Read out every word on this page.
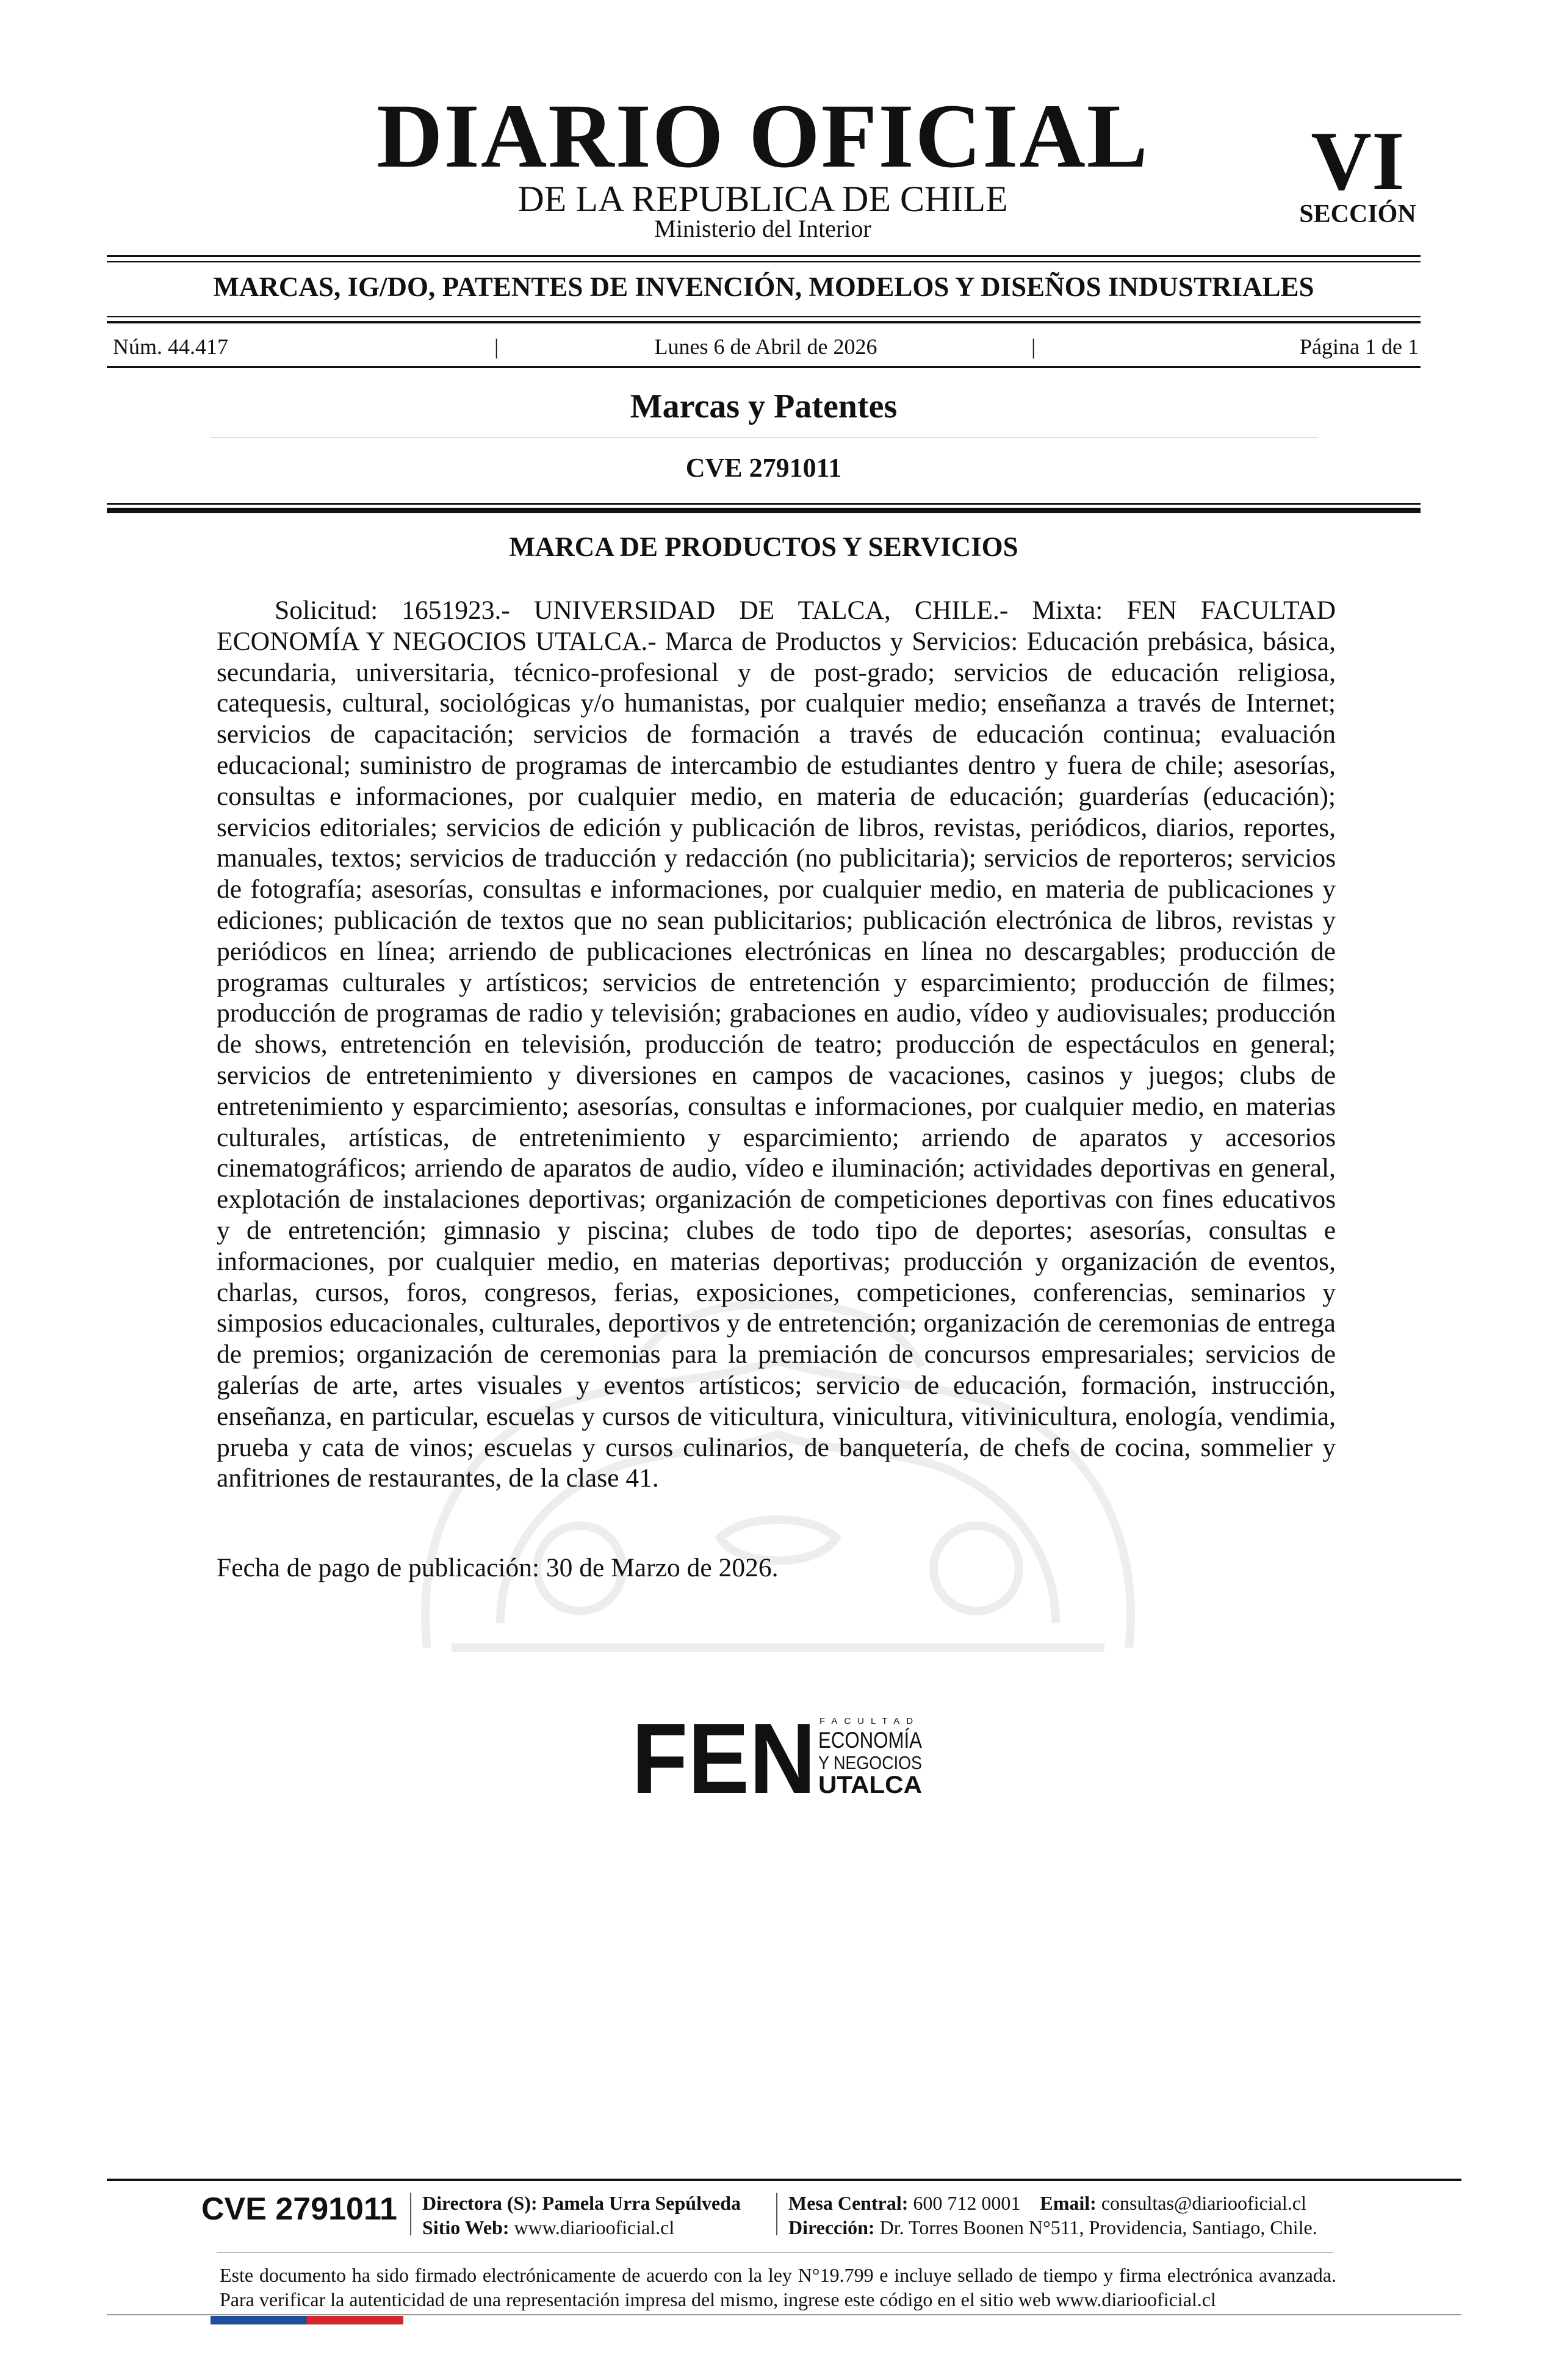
DIARIO OFICIAL
DE LA REPUBLICA DE CHILE
Ministerio del Interior
VI
SECCIÓN
MARCAS, IG/DO, PATENTES DE INVENCIÓN, MODELOS Y DISEÑOS INDUSTRIALES
Núm. 44.417	|	Lunes 6 de Abril de 2026	|	Página 1 de 1
Marcas y Patentes
CVE 2791011
MARCA DE PRODUCTOS Y SERVICIOS
Solicitud: 1651923.- UNIVERSIDAD DE TALCA, CHILE.- Mixta: FEN FACULTAD ECONOMÍA Y NEGOCIOS UTALCA.- Marca de Productos y Servicios: Educación prebásica, básica, secundaria, universitaria, técnico-profesional y de post-grado; servicios de educación religiosa, catequesis, cultural, sociológicas y/o humanistas, por cualquier medio; enseñanza a través de Internet; servicios de capacitación; servicios de formación a través de educación continua; evaluación educacional; suministro de programas de intercambio de estudiantes dentro y fuera de chile; asesorías, consultas e informaciones, por cualquier medio, en materia de educación; guarderías (educación); servicios editoriales; servicios de edición y publicación de libros, revistas, periódicos, diarios, reportes, manuales, textos; servicios de traducción y redacción (no publicitaria); servicios de reporteros; servicios de fotografía; asesorías, consultas e informaciones, por cualquier medio, en materia de publicaciones y ediciones; publicación de textos que no sean publicitarios; publicación electrónica de libros, revistas y periódicos en línea; arriendo de publicaciones electrónicas en línea no descargables; producción de programas culturales y artísticos; servicios de entretención y esparcimiento; producción de filmes; producción de programas de radio y televisión; grabaciones en audio, vídeo y audiovisuales; producción de shows, entretención en televisión, producción de teatro; producción de espectáculos en general; servicios de entretenimiento y diversiones en campos de vacaciones, casinos y juegos; clubs de entretenimiento y esparcimiento; asesorías, consultas e informaciones, por cualquier medio, en materias culturales, artísticas, de entretenimiento y esparcimiento; arriendo de aparatos y accesorios cinematográficos; arriendo de aparatos de audio, vídeo e iluminación; actividades deportivas en general, explotación de instalaciones deportivas; organización de competiciones deportivas con fines educativos y de entretención; gimnasio y piscina; clubes de todo tipo de deportes; asesorías, consultas e informaciones, por cualquier medio, en materias deportivas; producción y organización de eventos, charlas, cursos, foros, congresos, ferias, exposiciones, competiciones, conferencias, seminarios y simposios educacionales, culturales, deportivos y de entretención; organización de ceremonias de entrega de premios; organización de ceremonias para la premiación de concursos empresariales; servicios de galerías de arte, artes visuales y eventos artísticos; servicio de educación, formación, instrucción, enseñanza, en particular, escuelas y cursos de viticultura, vinicultura, vitivinicultura, enología, vendimia, prueba y cata de vinos; escuelas y cursos culinarios, de banquetería, de chefs de cocina, sommelier y anfitriones de restaurantes, de la clase 41.
Fecha de pago de publicación: 30 de Marzo de 2026.
FEN FACULTAD
ECONOMÍA
Y NEGOCIOS
UTALCA
CVE 2791011 Directora (S): Pamela Urra Sepúlveda
Sitio Web: www.diariooficial.cl
Mesa Central: 600 712 0001 Email: consultas@diariooficial.cl
Dirección: Dr. Torres Boonen N°511, Providencia, Santiago, Chile.
Este documento ha sido firmado electrónicamente de acuerdo con la ley N°19.799 e incluye sellado de tiempo y firma electrónica avanzada. Para verificar la autenticidad de una representación impresa del mismo, ingrese este código en el sitio web www.diariooficial.cl
